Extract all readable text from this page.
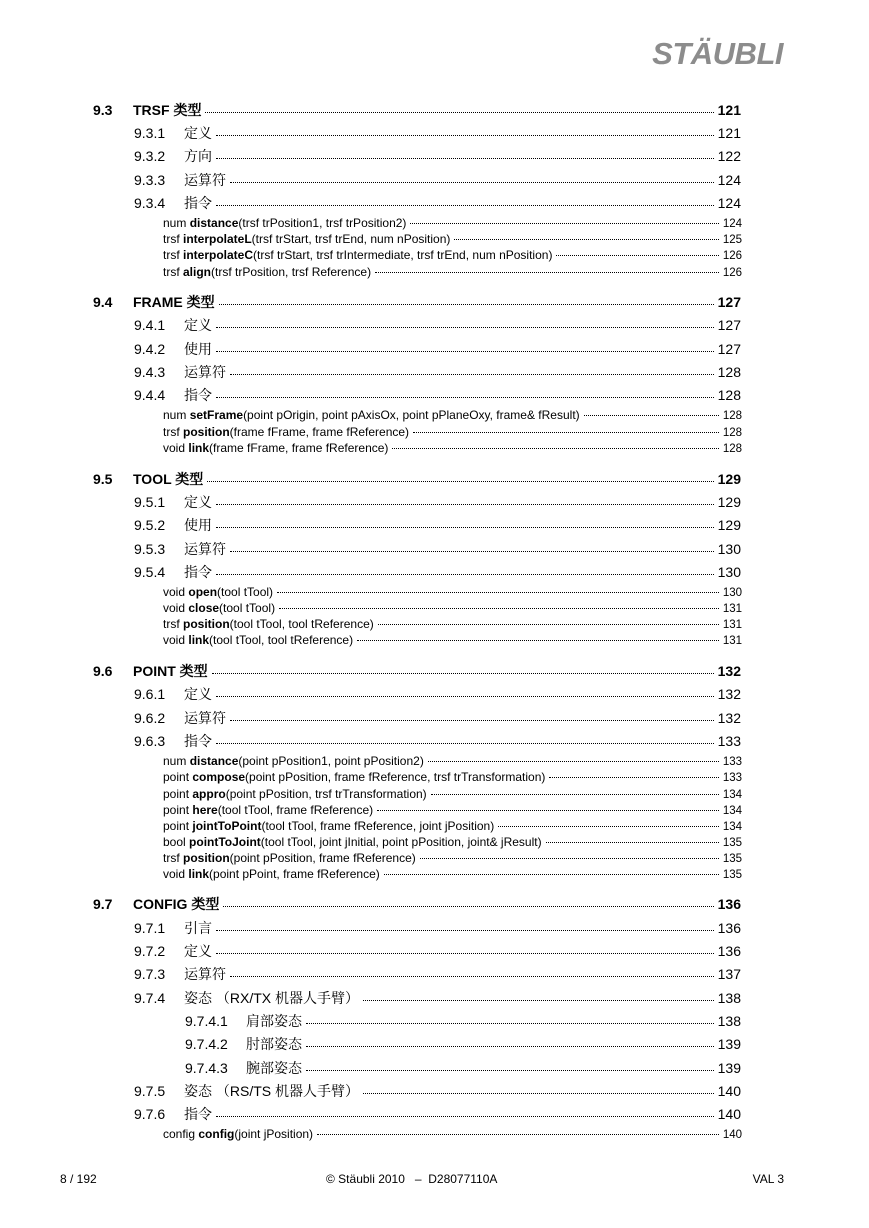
STÄUBLI
9.3	TRSF 类型	121
9.3.1	定义	121
9.3.2	方向	122
9.3.3	运算符	124
9.3.4	指令	124
num distance (trsf trPosition1, trsf trPosition2)	124
trsf interpolateL (trsf trStart, trsf trEnd, num nPosition)	125
trsf interpolateC (trsf trStart, trsf trIntermediate, trsf trEnd, num nPosition)	126
trsf align (trsf trPosition, trsf Reference)	126
9.4	FRAME 类型	127
9.4.1	定义	127
9.4.2	使用	127
9.4.3	运算符	128
9.4.4	指令	128
num setFrame (point pOrigin, point pAxisOx, point pPlaneOxy, frame& fResult)	128
trsf position (frame fFrame, frame fReference)	128
void link (frame fFrame, frame fReference)	128
9.5	TOOL 类型	129
9.5.1	定义	129
9.5.2	使用	129
9.5.3	运算符	130
9.5.4	指令	130
void open (tool tTool)	130
void close (tool tTool)	131
trsf position (tool tTool, tool tReference)	131
void link (tool tTool, tool tReference)	131
9.6	POINT 类型	132
9.6.1	定义	132
9.6.2	运算符	132
9.6.3	指令	133
num distance (point pPosition1, point pPosition2)	133
point compose (point pPosition, frame fReference, trsf trTransformation)	133
point appro (point pPosition, trsf trTransformation)	134
point here (tool tTool, frame fReference)	134
point jointToPoint (tool tTool, frame fReference, joint jPosition)	134
bool pointToJoint (tool tTool, joint jInitial, point pPosition, joint& jResult)	135
trsf position (point pPosition, frame fReference)	135
void link (point pPoint, frame fReference)	135
9.7	CONFIG 类型	136
9.7.1	引言	136
9.7.2	定义	136
9.7.3	运算符	137
9.7.4	姿态 （RX/TX 机器人手臂）	138
9.7.4.1	肩部姿态	138
9.7.4.2	肘部姿态	139
9.7.4.3	腕部姿态	139
9.7.5	姿态 （RS/TS 机器人手臂）	140
9.7.6	指令	140
config config (joint jPosition)	140
8 / 192	© Stäubli 2010   –  D28077110A	VAL 3
